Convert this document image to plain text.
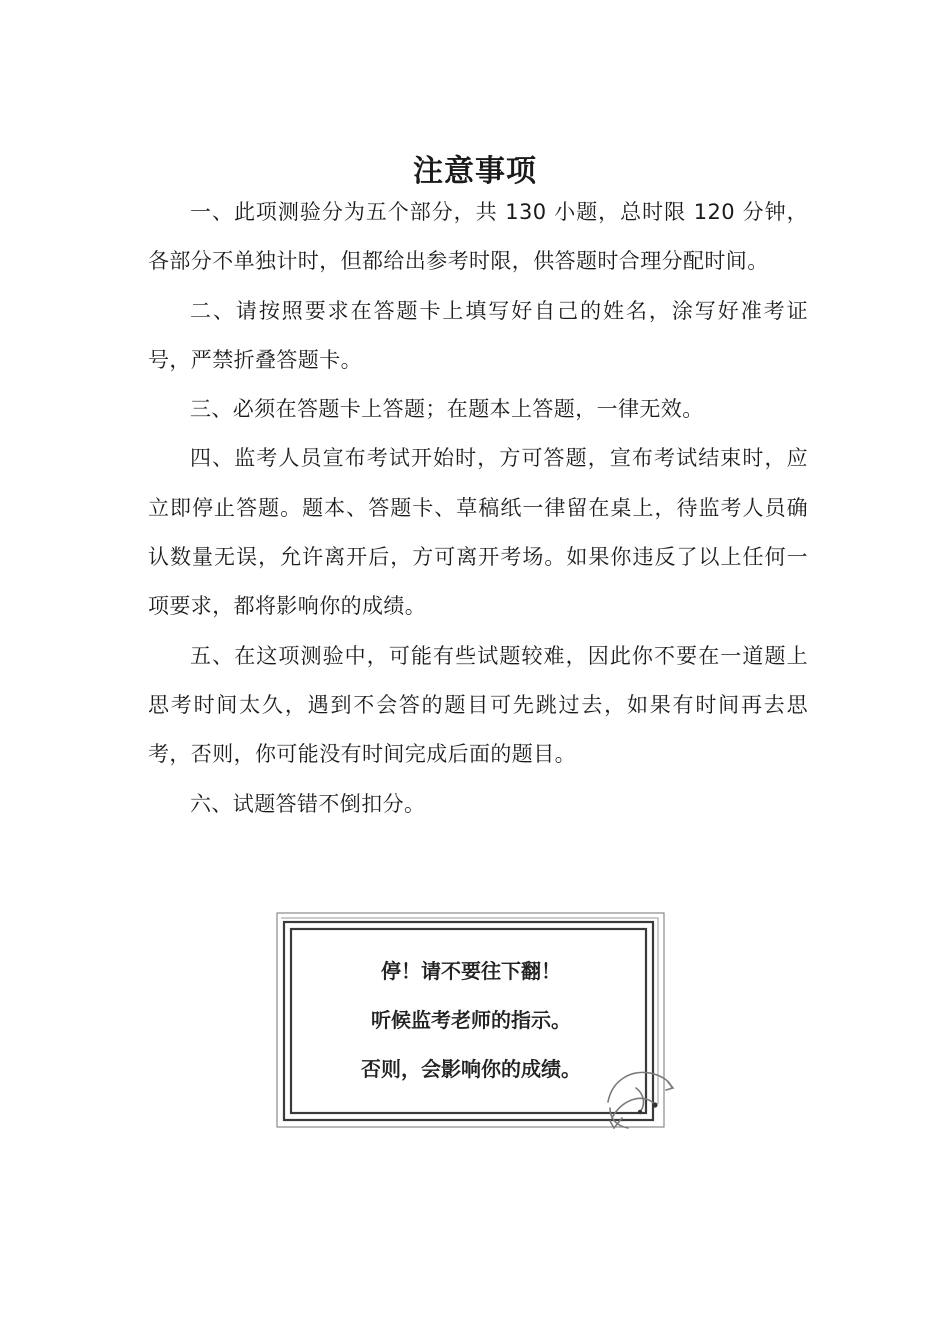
注意事项

一、此项测验分为五个部分，共 130 小题，总时限 120 分钟，各部分不单独计时，但都给出参考时限，供答题时合理分配时间。

二、请按照要求在答题卡上填写好自己的姓名，涂写好准考证号，严禁折叠答题卡。

三、必须在答题卡上答题；在题本上答题，一律无效。

四、监考人员宣布考试开始时，方可答题，宣布考试结束时，应立即停止答题。题本、答题卡、草稿纸一律留在桌上，待监考人员确认数量无误，允许离开后，方可离开考场。如果你违反了以上任何一项要求，都将影响你的成绩。

五、在这项测验中，可能有些试题较难，因此你不要在一道题上思考时间太久，遇到不会答的题目可先跳过去，如果有时间再去思考，否则，你可能没有时间完成后面的题目。

六、试题答错不倒扣分。

停！请不要往下翻！
听候监考老师的指示。
否则，会影响你的成绩。
